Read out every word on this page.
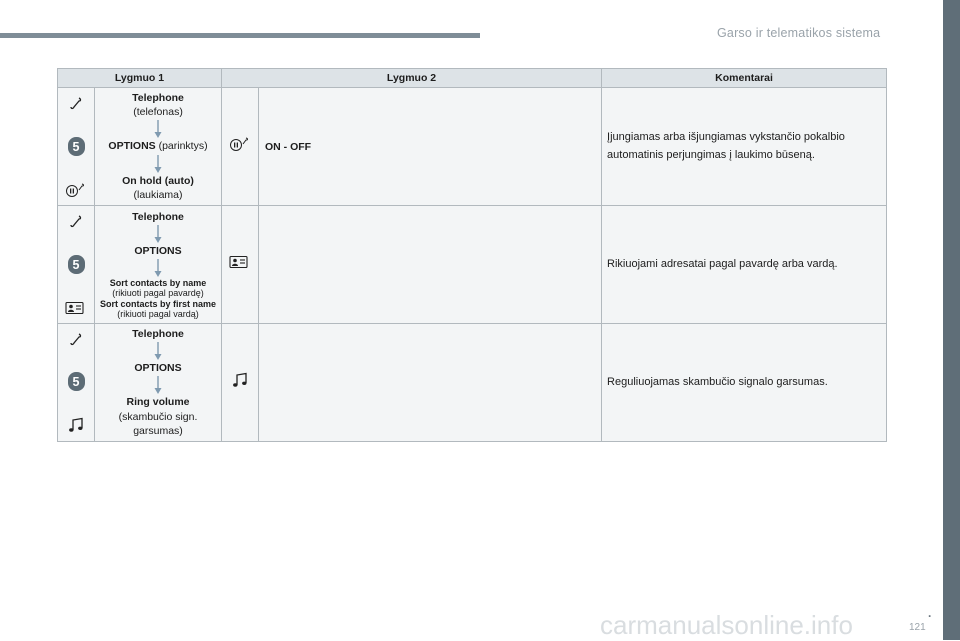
Garso ir telematikos sistema
.
121
carmanualsonline.info
Lygmuo 1		Lygmuo 2		Komentarai

5	Telephone
(telefonas)
OPTIONS (parinktys)
On hold (auto)
(laukiama)		ON - OFF	Įjungiamas arba išjungiamas vykstančio pokalbio automatinis perjungimas į laukimo būseną.

5	Telephone
OPTIONS
Sort contacts by name
(rikiuoti pagal pavardę)
Sort contacts by first name (rikiuoti pagal vardą)			Rikiuojami adresatai pagal pavardę arba vardą.

5	Telephone
OPTIONS
Ring volume
(skambučio sign. garsumas)			Reguliuojamas skambučio signalo garsumas.
